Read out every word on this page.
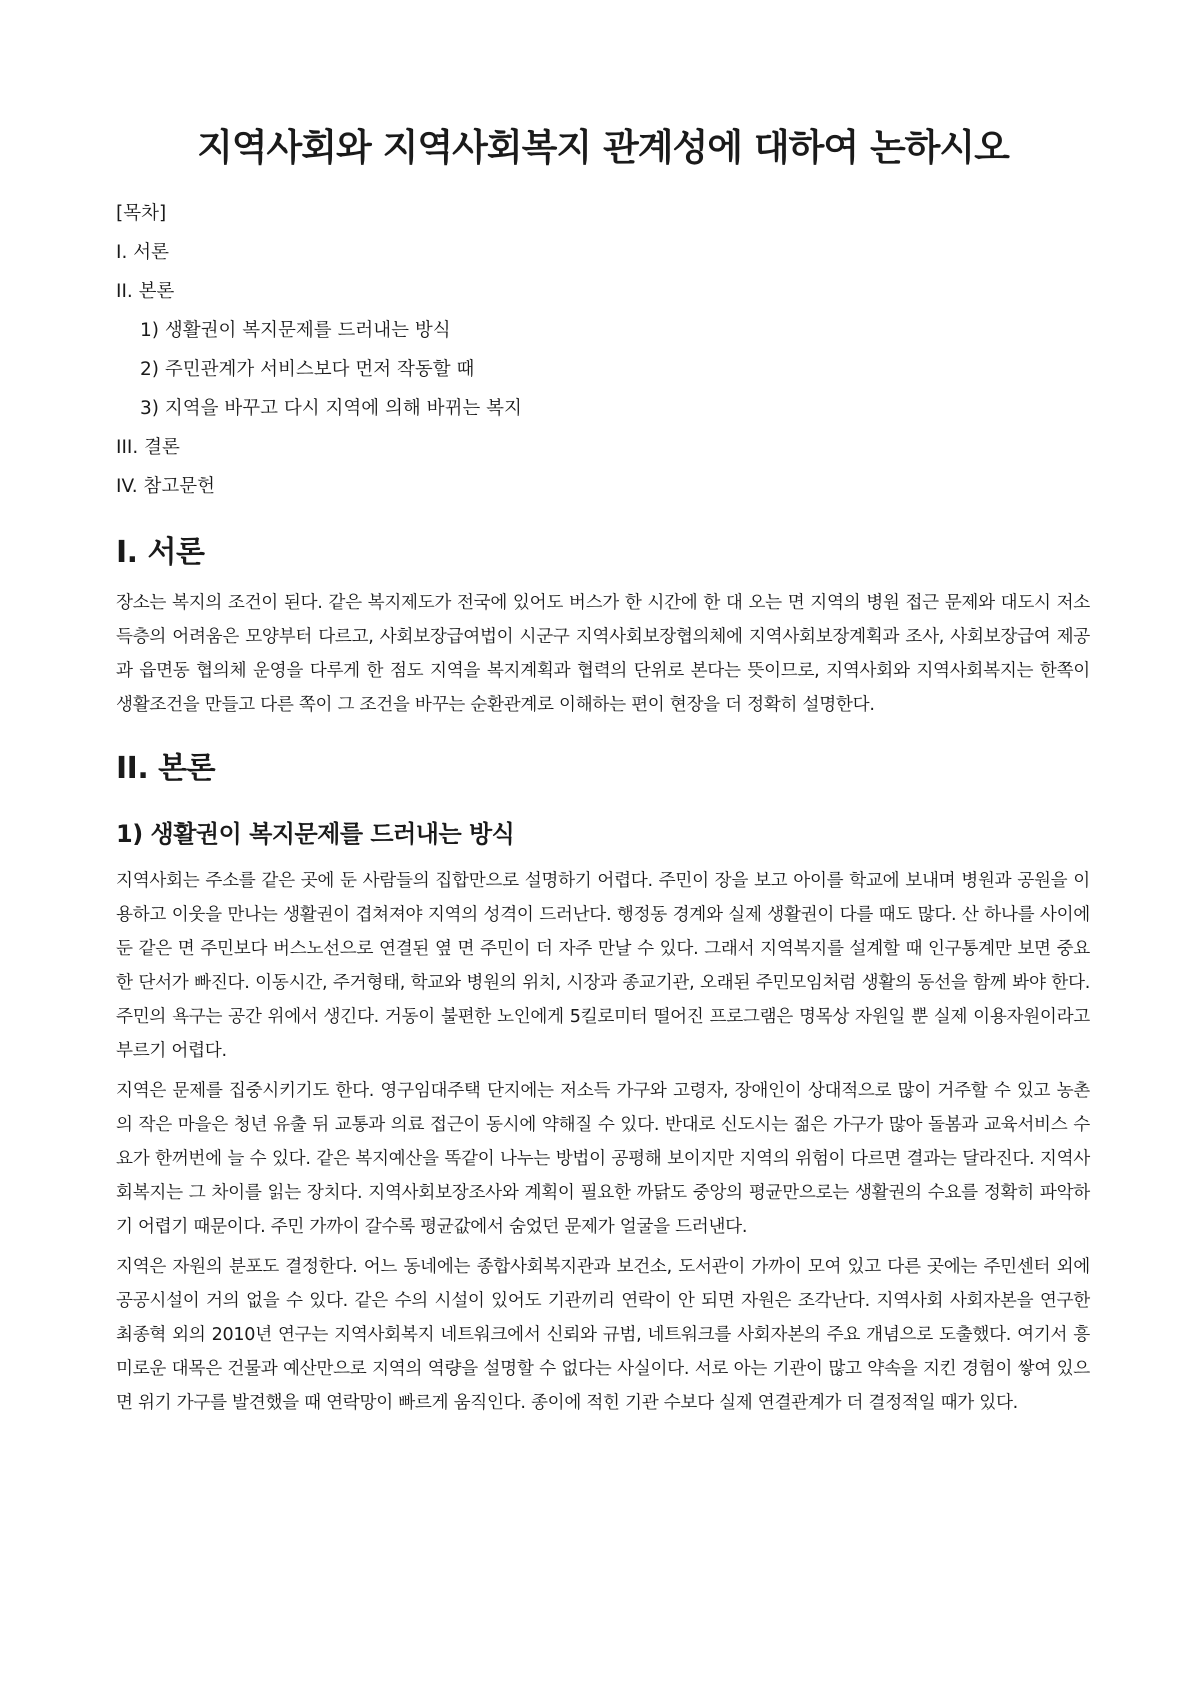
지역사회와 지역사회복지 관계성에 대하여 논하시오
[목차]
I. 서론
II. 본론
1) 생활권이 복지문제를 드러내는 방식
2) 주민관계가 서비스보다 먼저 작동할 때
3) 지역을 바꾸고 다시 지역에 의해 바뀌는 복지
III. 결론
IV. 참고문헌
I. 서론

장소는 복지의 조건이 된다. 같은 복지제도가 전국에 있어도 버스가 한 시간에 한 대 오는 면 지역의 병원 접근 문제와 대도시 저소득층의 어려움은 모양부터 다르고, 사회보장급여법이 시군구 지역사회보장협의체에 지역사회보장계획과 조사, 사회보장급여 제공과 읍면동 협의체 운영을 다루게 한 점도 지역을 복지계획과 협력의 단위로 본다는 뜻이므로, 지역사회와 지역사회복지는 한쪽이 생활조건을 만들고 다른 쪽이 그 조건을 바꾸는 순환관계로 이해하는 편이 현장을 더 정확히 설명한다.

II. 본론
1) 생활권이 복지문제를 드러내는 방식

지역사회는 주소를 같은 곳에 둔 사람들의 집합만으로 설명하기 어렵다. 주민이 장을 보고 아이를 학교에 보내며 병원과 공원을 이용하고 이웃을 만나는 생활권이 겹쳐져야 지역의 성격이 드러난다. 행정동 경계와 실제 생활권이 다를 때도 많다. 산 하나를 사이에 둔 같은 면 주민보다 버스노선으로 연결된 옆 면 주민이 더 자주 만날 수 있다. 그래서 지역복지를 설계할 때 인구통계만 보면 중요한 단서가 빠진다. 이동시간, 주거형태, 학교와 병원의 위치, 시장과 종교기관, 오래된 주민모임처럼 생활의 동선을 함께 봐야 한다. 주민의 욕구는 공간 위에서 생긴다. 거동이 불편한 노인에게 5킬로미터 떨어진 프로그램은 명목상 자원일 뿐 실제 이용자원이라고 부르기 어렵다.

지역은 문제를 집중시키기도 한다. 영구임대주택 단지에는 저소득 가구와 고령자, 장애인이 상대적으로 많이 거주할 수 있고 농촌의 작은 마을은 청년 유출 뒤 교통과 의료 접근이 동시에 약해질 수 있다. 반대로 신도시는 젊은 가구가 많아 돌봄과 교육서비스 수요가 한꺼번에 늘 수 있다. 같은 복지예산을 똑같이 나누는 방법이 공평해 보이지만 지역의 위험이 다르면 결과는 달라진다. 지역사회복지는 그 차이를 읽는 장치다. 지역사회보장조사와 계획이 필요한 까닭도 중앙의 평균만으로는 생활권의 수요를 정확히 파악하기 어렵기 때문이다. 주민 가까이 갈수록 평균값에서 숨었던 문제가 얼굴을 드러낸다.

지역은 자원의 분포도 결정한다. 어느 동네에는 종합사회복지관과 보건소, 도서관이 가까이 모여 있고 다른 곳에는 주민센터 외에 공공시설이 거의 없을 수 있다. 같은 수의 시설이 있어도 기관끼리 연락이 안 되면 자원은 조각난다. 지역사회 사회자본을 연구한 최종혁 외의 2010년 연구는 지역사회복지 네트워크에서 신뢰와 규범, 네트워크를 사회자본의 주요 개념으로 도출했다. 여기서 흥미로운 대목은 건물과 예산만으로 지역의 역량을 설명할 수 없다는 사실이다. 서로 아는 기관이 많고 약속을 지킨 경험이 쌓여 있으면 위기 가구를 발견했을 때 연락망이 빠르게 움직인다. 종이에 적힌 기관 수보다 실제 연결관계가 더 결정적일 때가 있다.
